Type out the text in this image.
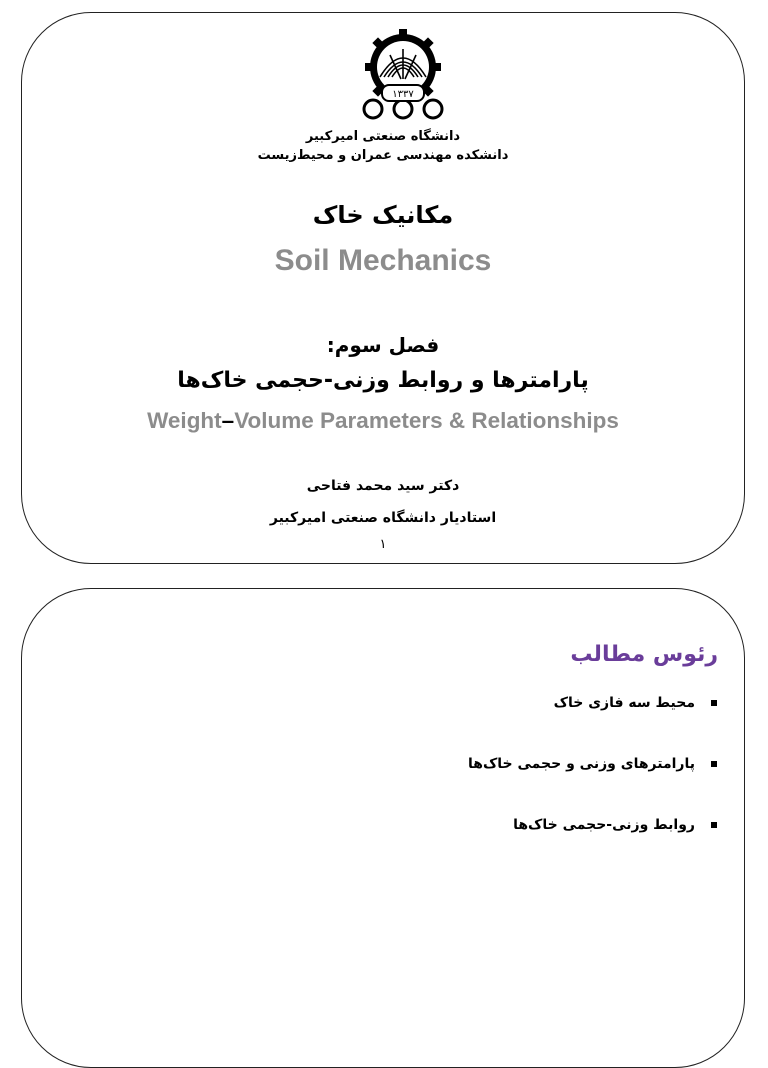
۱۳۳۷
دانشگاه صنعتی امیرکبیر
دانشکده مهندسی عمران و محیط‌زیست
مکانیک خاک
Soil Mechanics
فصل سوم:
پارامترها و روابط وزنی-حجمی خاک‌ها
Weight–Volume Parameters & Relationships
دکتر سید محمد فتاحی
استادیار دانشگاه صنعتی امیرکبیر
۱
رئوس مطالب
محیط سه فازی خاک
پارامترهای وزنی و حجمی خاک‌ها
روابط وزنی-حجمی خاک‌ها
